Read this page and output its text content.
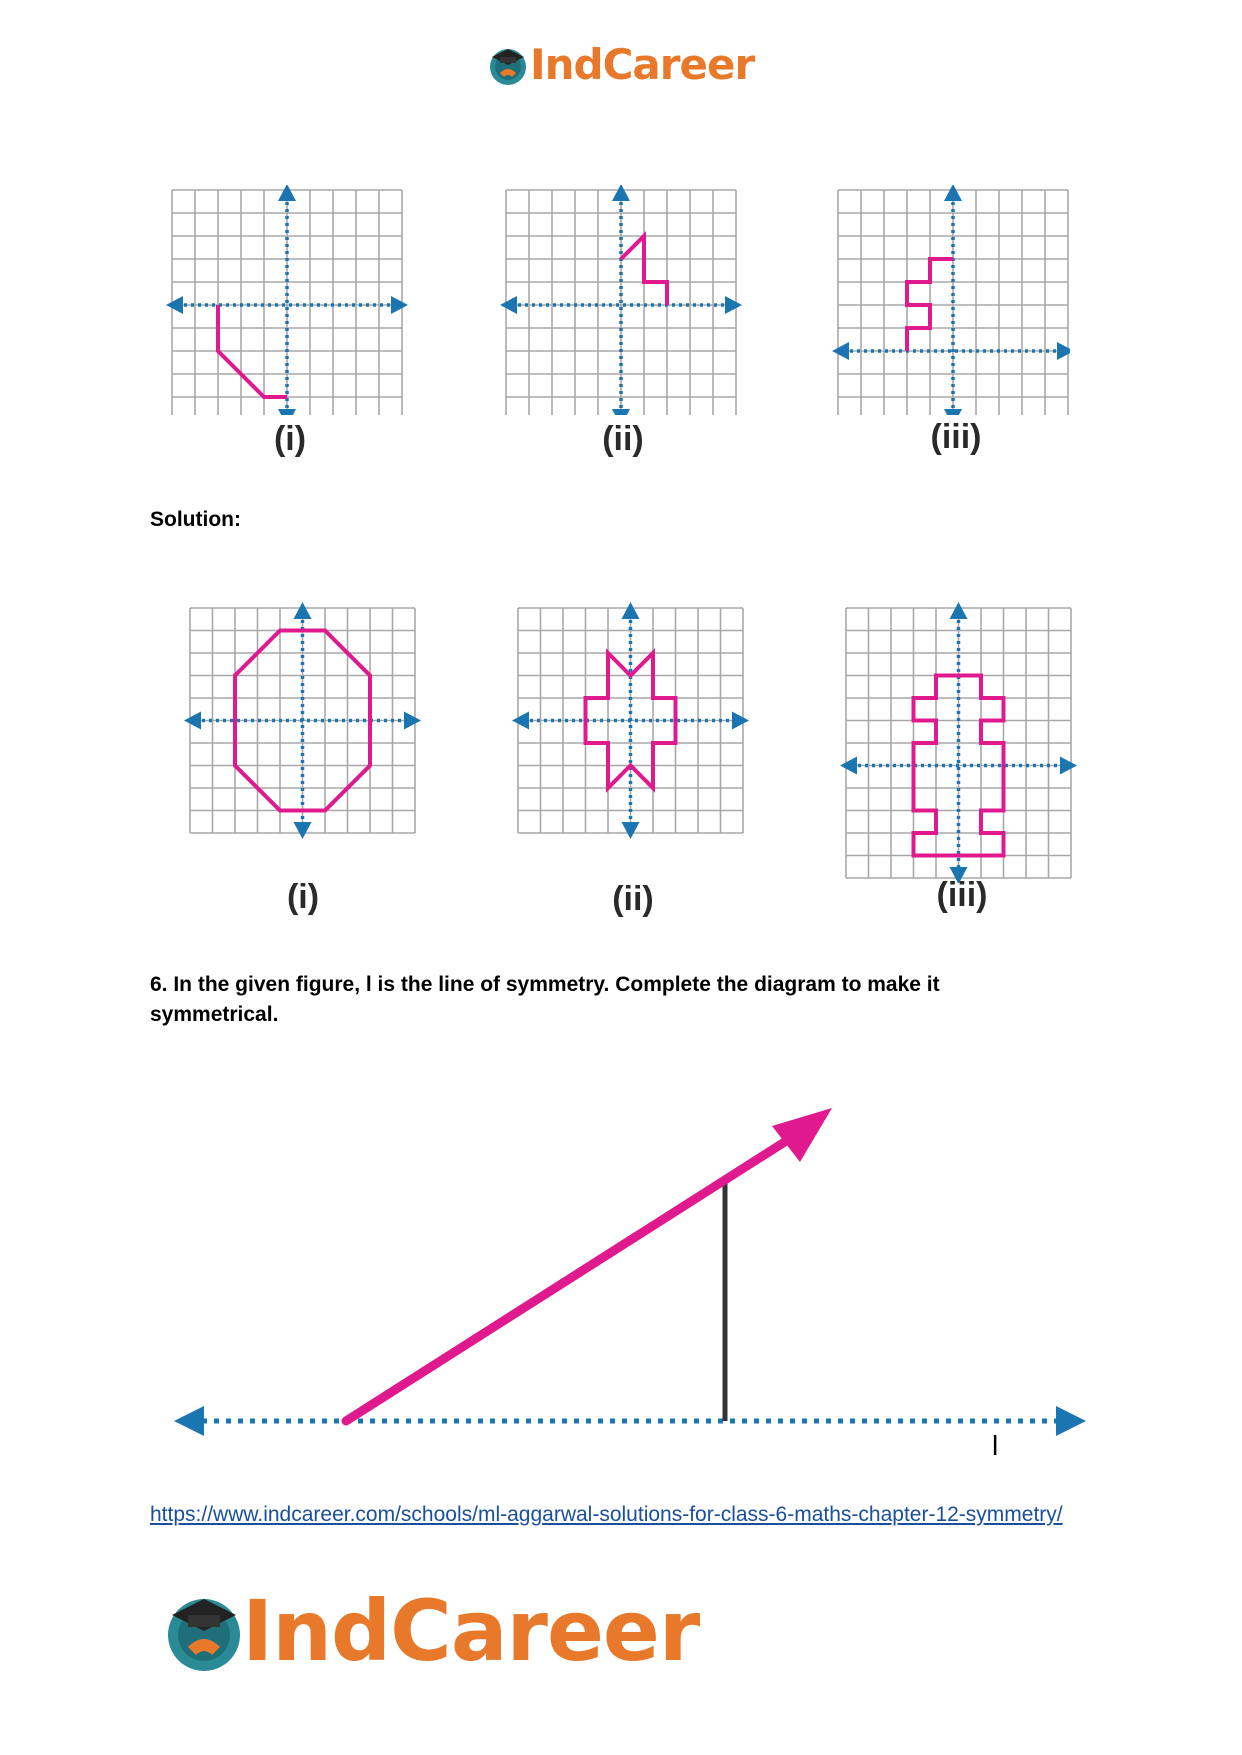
IndCareer
(i)	(ii)	(iii)
Solution:
(i)	(ii)	(iii)
6. In the given figure, l is the line of symmetry. Complete the diagram to make it symmetrical.
l
https://www.indcareer.com/schools/ml-aggarwal-solutions-for-class-6-maths-chapter-12-symmetry/
IndCareer
